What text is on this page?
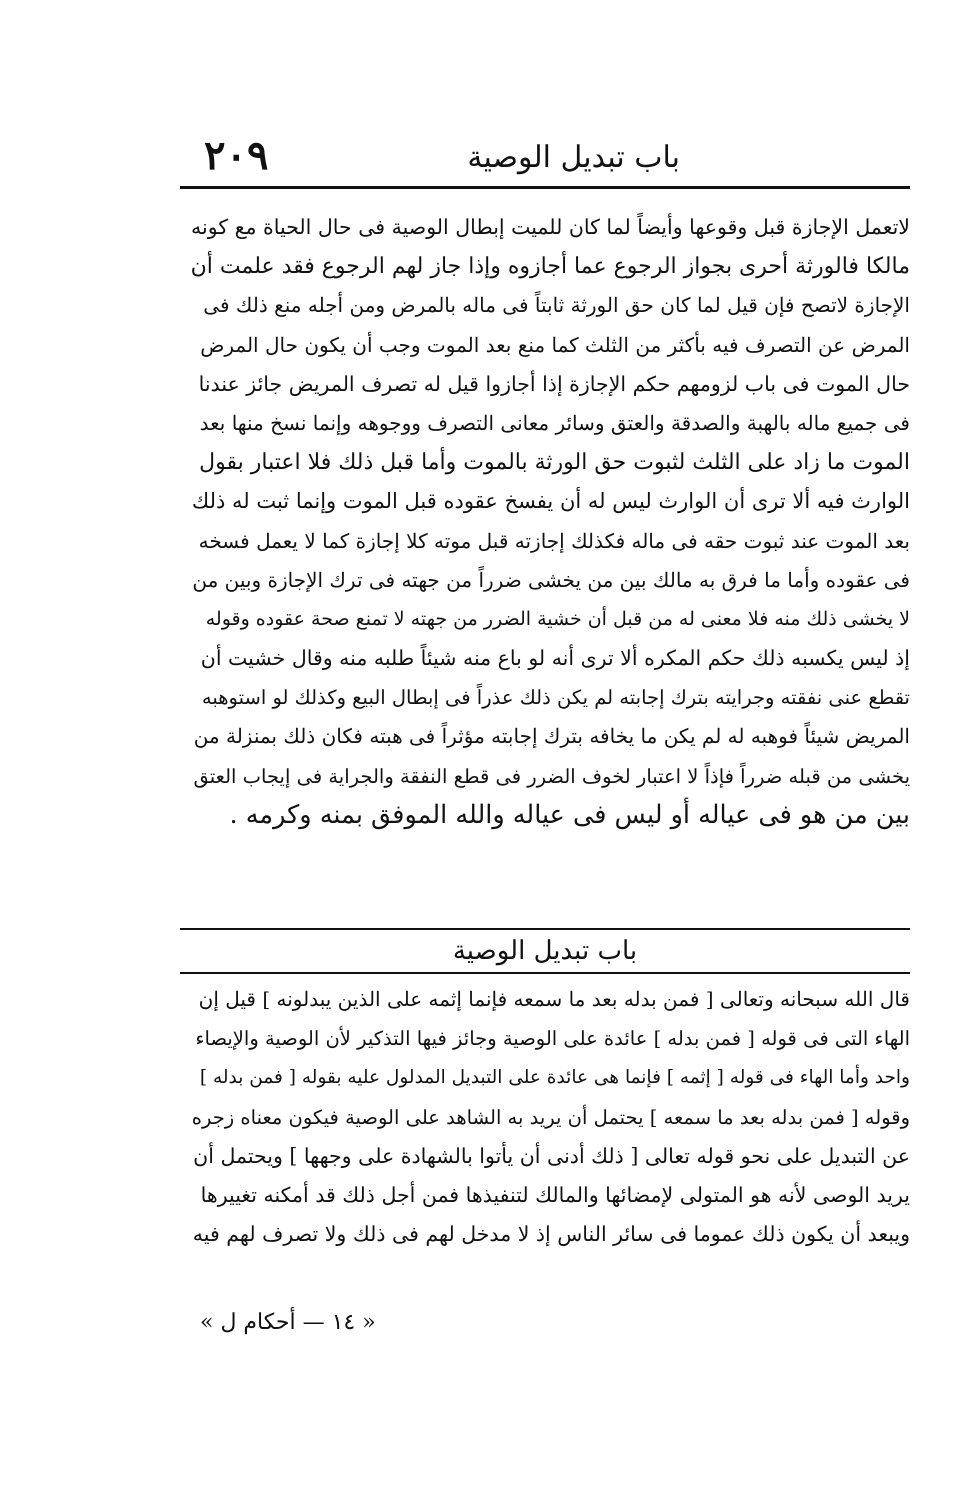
باب تبديل الوصية
٢٠٩
لاتعمل الإجازة قبل وقوعها وأيضاً لما كان للميت إبطال الوصية فى حال الحياة مع كونه
مالكا فالورثة أحرى بجواز الرجوع عما أجازوه وإذا جاز لهم الرجوع فقد علمت أن
الإجازة لاتصح فإن قيل لما كان حق الورثة ثابتاً فى ماله بالمرض ومن أجله منع ذلك فى
المرض عن التصرف فيه بأكثر من الثلث كما منع بعد الموت وجب أن يكون حال المرض
حال الموت فى باب لزومهم حكم الإجازة إذا أجازوا قيل له تصرف المريض جائز عندنا
فى جميع ماله بالهبة والصدقة والعتق وسائر معانى التصرف ووجوهه وإنما نسخ منها بعد
الموت ما زاد على الثلث لثبوت حق الورثة بالموت وأما قبل ذلك فلا اعتبار بقول
الوارث فيه ألا ترى أن الوارث ليس له أن يفسخ عقوده قبل الموت وإنما ثبت له ذلك
بعد الموت عند ثبوت حقه فى ماله فكذلك إجازته قبل موته كلا إجازة كما لا يعمل فسخه
فى عقوده وأما ما فرق به مالك بين من يخشى ضرراً من جهته فى ترك الإجازة وبين من
لا يخشى ذلك منه فلا معنى له من قبل أن خشية الضرر من جهته لا تمنع صحة عقوده وقوله
إذ ليس يكسبه ذلك حكم المكره ألا ترى أنه لو باع منه شيئاً طلبه منه وقال خشيت أن
تقطع عنى نفقته وجرايته بترك إجابته لم يكن ذلك عذراً فى إبطال البيع وكذلك لو استوهبه
المريض شيئاً فوهبه له لم يكن ما يخافه بترك إجابته مؤثراً فى هبته فكان ذلك بمنزلة من
يخشى من قبله ضرراً فإذاً لا اعتبار لخوف الضرر فى قطع النفقة والجراية فى إيجاب العتق
بين من هو فى عياله أو ليس فى عياله والله الموفق بمنه وكرمه .
باب تبديل الوصية
قال الله سبحانه وتعالى [ فمن بدله بعد ما سمعه فإنما إثمه على الذين يبدلونه ] قيل إن
الهاء التى فى قوله [ فمن بدله ] عائدة على الوصية وجائز فيها التذكير لأن الوصية والإيصاء
واحد وأما الهاء فى قوله [ إثمه ] فإنما هى عائدة على التبديل المدلول عليه بقوله [ فمن بدله ]
وقوله [ فمن بدله بعد ما سمعه ] يحتمل أن يريد به الشاهد على الوصية فيكون معناه زجره
عن التبديل على نحو قوله تعالى [ ذلك أدنى أن يأتوا بالشهادة على وجهها ] ويحتمل أن
يريد الوصى لأنه هو المتولى لإمضائها والمالك لتنفيذها فمن أجل ذلك قد أمكنه تغييرها
ويبعد أن يكون ذلك عموما فى سائر الناس إذ لا مدخل لهم فى ذلك ولا تصرف لهم فيه
« ١٤ — أحكام ل »
